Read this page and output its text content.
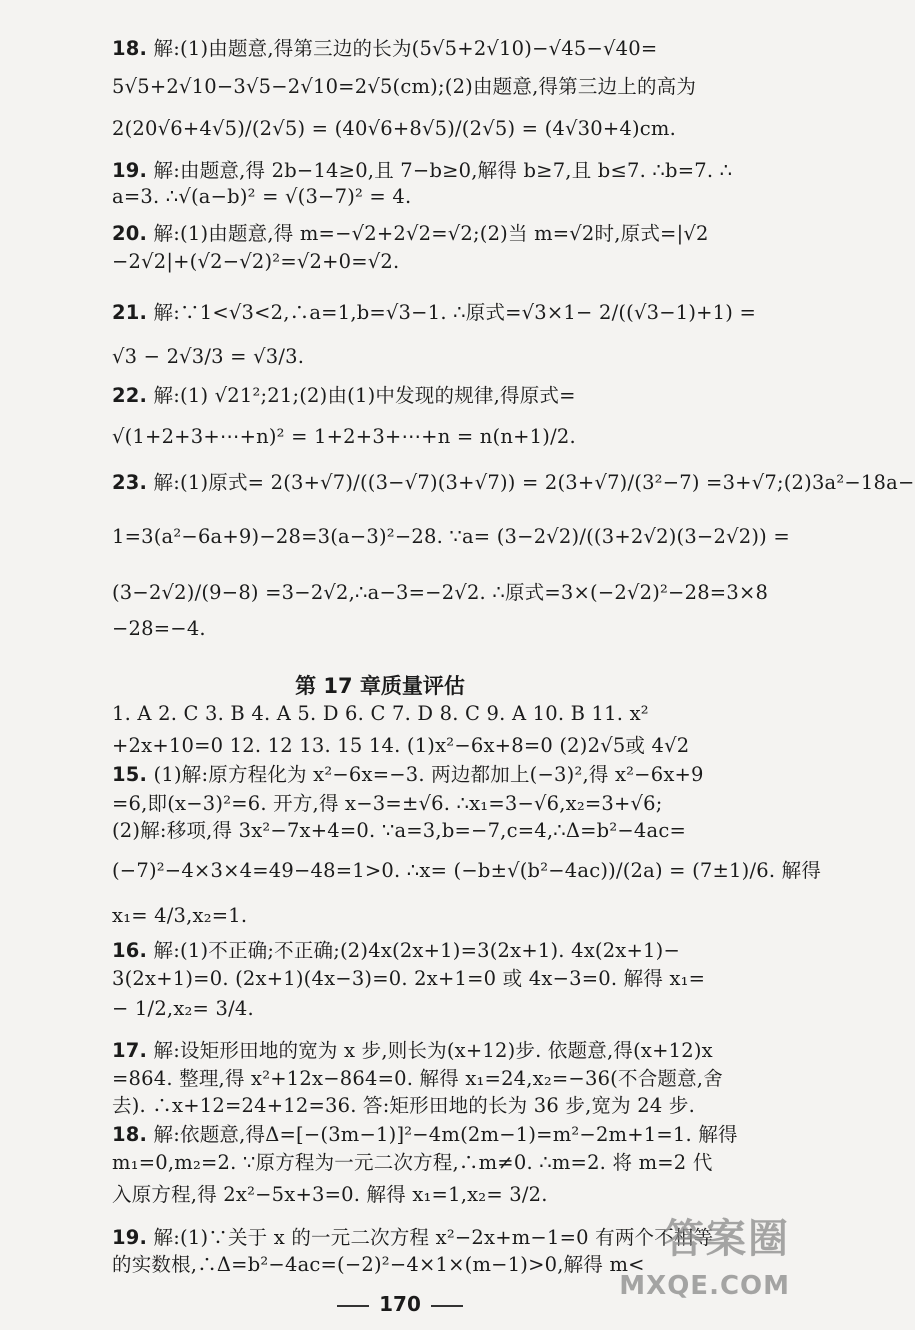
18. 解:(1)由题意,得第三边的长为(5√5+2√10)−√45−√40=
5√5+2√10−3√5−2√10=2√5(cm);(2)由题意,得第三边上的高为
2(20√6+4√5)/(2√5) = (40√6+8√5)/(2√5) = (4√30+4)cm.
19. 解:由题意,得 2b−14≥0,且 7−b≥0,解得 b≥7,且 b≤7. ∴b=7. ∴
a=3. ∴√(a−b)² = √(3−7)² = 4.
20. 解:(1)由题意,得 m=−√2+2√2=√2;(2)当 m=√2时,原式=|√2
−2√2|+(√2−√2)²=√2+0=√2.
21. 解:∵1<√3<2,∴a=1,b=√3−1. ∴原式=√3×1− 2/((√3−1)+1) =
√3 − 2√3/3 = √3/3.
22. 解:(1) √21²;21;(2)由(1)中发现的规律,得原式=
√(1+2+3+⋯+n)² = 1+2+3+⋯+n = n(n+1)/2.
23. 解:(1)原式= 2(3+√7)/((3−√7)(3+√7)) = 2(3+√7)/(3²−7) =3+√7;(2)3a²−18a−
1=3(a²−6a+9)−28=3(a−3)²−28. ∵a= (3−2√2)/((3+2√2)(3−2√2)) =
(3−2√2)/(9−8) =3−2√2,∴a−3=−2√2. ∴原式=3×(−2√2)²−28=3×8
−28=−4.
第 17 章质量评估
1. A 2. C 3. B 4. A 5. D 6. C 7. D 8. C 9. A 10. B 11. x²
+2x+10=0 12. 12 13. 15 14. (1)x²−6x+8=0 (2)2√5或 4√2
15. (1)解:原方程化为 x²−6x=−3. 两边都加上(−3)²,得 x²−6x+9
=6,即(x−3)²=6. 开方,得 x−3=±√6. ∴x₁=3−√6,x₂=3+√6;
(2)解:移项,得 3x²−7x+4=0. ∵a=3,b=−7,c=4,∴Δ=b²−4ac=
(−7)²−4×3×4=49−48=1>0. ∴x= (−b±√(b²−4ac))/(2a) = (7±1)/6. 解得
x₁= 4/3,x₂=1.
16. 解:(1)不正确;不正确;(2)4x(2x+1)=3(2x+1). 4x(2x+1)−
3(2x+1)=0. (2x+1)(4x−3)=0. 2x+1=0 或 4x−3=0. 解得 x₁=
− 1/2,x₂= 3/4.
17. 解:设矩形田地的宽为 x 步,则长为(x+12)步. 依题意,得(x+12)x
=864. 整理,得 x²+12x−864=0. 解得 x₁=24,x₂=−36(不合题意,舍
去). ∴x+12=24+12=36. 答:矩形田地的长为 36 步,宽为 24 步.
18. 解:依题意,得Δ=[−(3m−1)]²−4m(2m−1)=m²−2m+1=1. 解得
m₁=0,m₂=2. ∵原方程为一元二次方程,∴m≠0. ∴m=2. 将 m=2 代
入原方程,得 2x²−5x+3=0. 解得 x₁=1,x₂= 3/2.
19. 解:(1)∵关于 x 的一元二次方程 x²−2x+m−1=0 有两个不相等
的实数根,∴Δ=b²−4ac=(−2)²−4×1×(m−1)>0,解得 m<
170
答案圈
MXQE.COM
